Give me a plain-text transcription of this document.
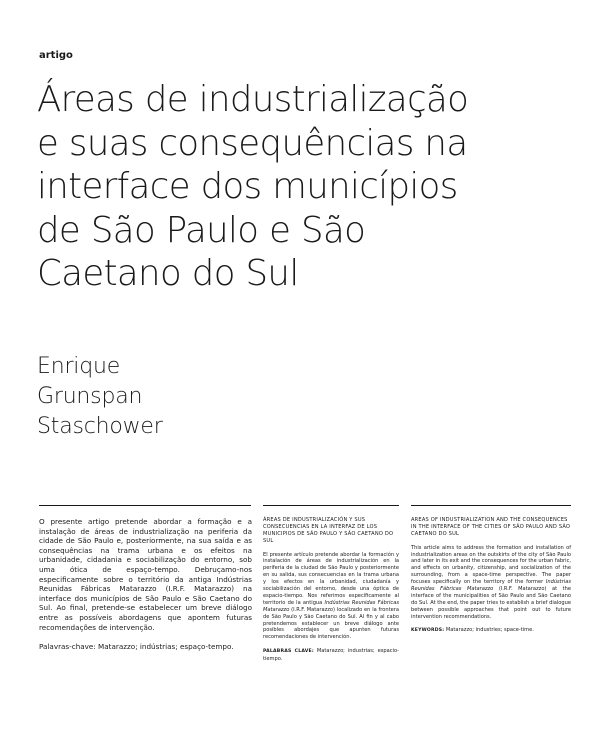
artigo
Áreas de industrialização
e suas consequências na
interface dos municípios
de São Paulo e São
Caetano do Sul
Enrique
Grunspan
Staschower

O presente artigo pretende abordar a formação e a instalação de áreas de industrialização na periferia da cidade de São Paulo e, posteriormente, na sua saída e as consequências na trama urbana e os efeitos na urbanidade, cidadania e sociabilização do entorno, sob uma ótica de espaço-tempo. Debruçamo-nos especificamente sobre o território da antiga Indústrias Reunidas Fábricas Matarazzo (I.R.F. Matarazzo) na interface dos municípios de São Paulo e São Caetano do Sul. Ao final, pretende-se estabelecer um breve diálogo entre as possíveis abordagens que apontem futuras recomendações de intervenção.

Palavras-chave: Matarazzo; indústrias; espaço-tempo.

ÁREAS DE INDUSTRIALIZACIÓN Y SUS CONSECUENCIAS EN LA INTERFAZ DE LOS MUNICIPIOS DE SÃO PAULO Y SÃO CAETANO DO SUL

El presente artículo pretende abordar la formación y instalación de áreas de industrialización en la periferia de la ciudad de São Paulo y posteriormente en su salida, sus consecuencias en la trama urbana y los efectos en la urbanidad, ciudadanía y sociabilización del entorno, desde una óptica de espacio-tiempo. Nos referimos específicamente al territorio de la antigua Indústrias Reunidas Fábricas Matarazzo (I.R.F. Matarazzo) localizado en la frontera de São Paulo y São Caetano do Sul. Al fin y al cabo pretendemos establecer un breve diálogo ante posibles abordajes que apunten futuras recomendaciones de intervención.

PALABRAS CLAVE: Matarazzo; industrias; espacio-tiempo.

AREAS OF INDUSTRIALIZATION AND THE CONSEQUENCES IN THE INTERFACE OF THE CITIES OF SÃO PAULO AND SÃO CAETANO DO SUL

This article aims to address the formation and installation of industrialization areas on the outskirts of the city of São Paulo and later in its exit and the consequences for the urban fabric, and effects on urbanity, citizenship, and socialization of the surrounding, from a space-time perspective. The paper focuses specifically on the territory of the former Indústrias Reunidas Fábricas Matarazzo (I.R.F. Matarazzo) at the interface of the municipalities of São Paulo and São Caetano do Sul. At the end, the paper tries to establish a brief dialogue between possible approaches that point out to future intervention recommendations.

KEYWORDS: Matarazzo; industries; space-time.
